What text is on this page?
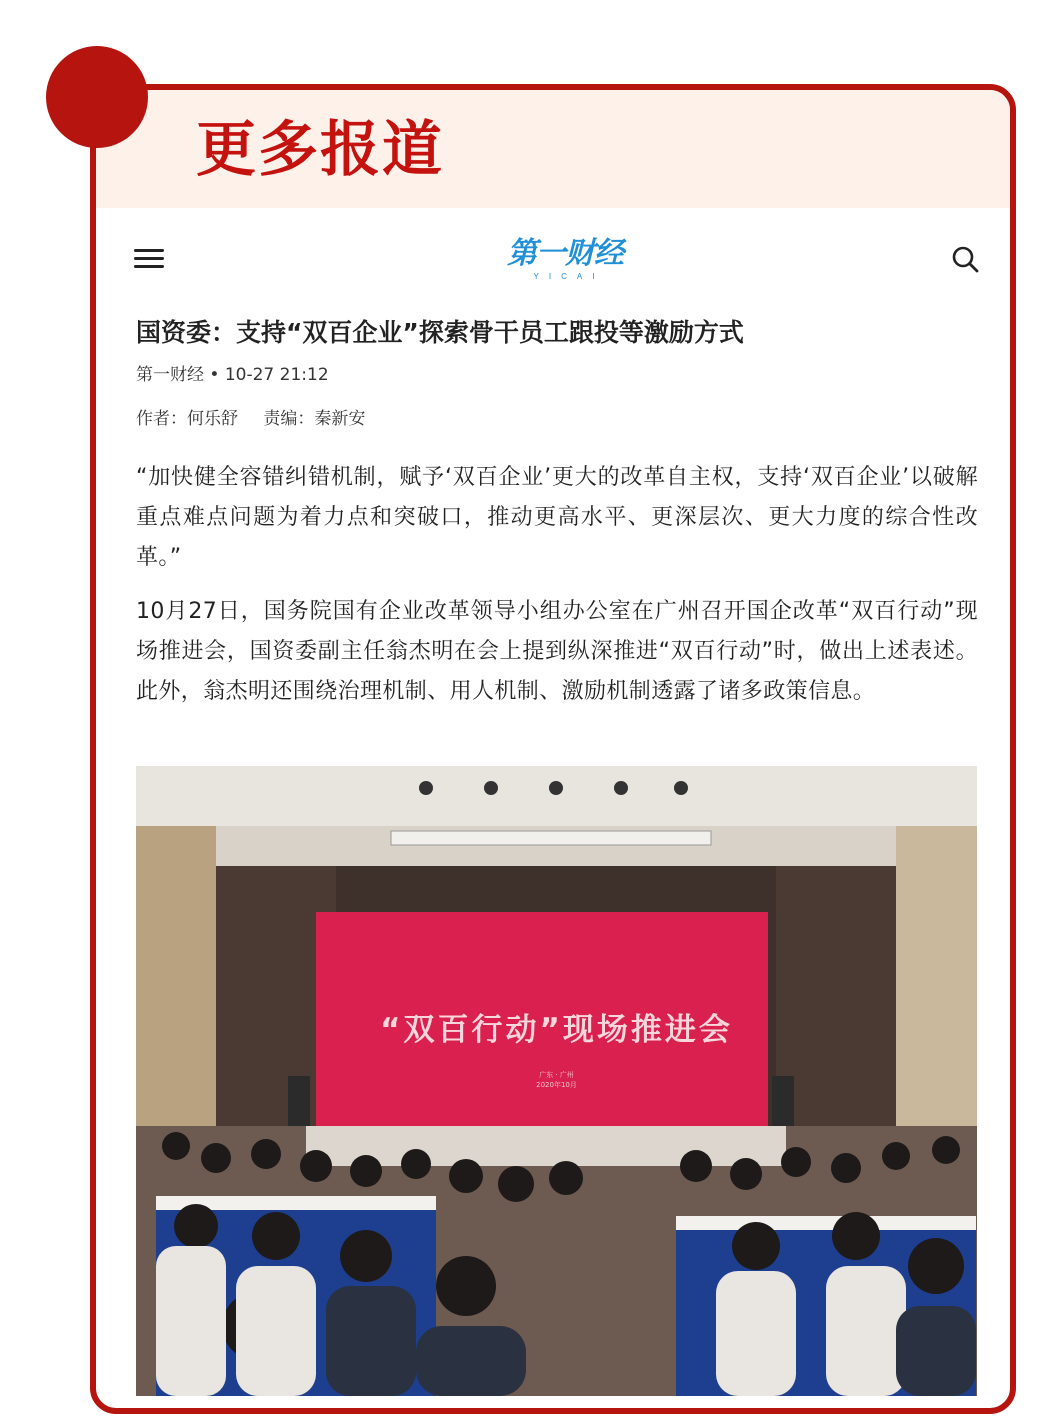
更多报道
第一财经
YICAI
国资委：支持“双百企业”探索骨干员工跟投等激励方式
第一财经 • 10-27 21:12
作者：何乐舒 责编：秦新安

“加快健全容错纠错机制，赋予‘双百企业’更大的改革自主权，支持‘双百企业’以破解重点难点问题为着力点和突破口，推动更高水平、更深层次、更大力度的综合性改革。”

10月27日，国务院国有企业改革领导小组办公室在广州召开国企改革“双百行动”现场推进会，国资委副主任翁杰明在会上提到纵深推进“双百行动”时，做出上述表述。此外，翁杰明还围绕治理机制、用人机制、激励机制透露了诸多政策信息。

“双百行动”现场推进会
广东 · 广州
2020年10月
